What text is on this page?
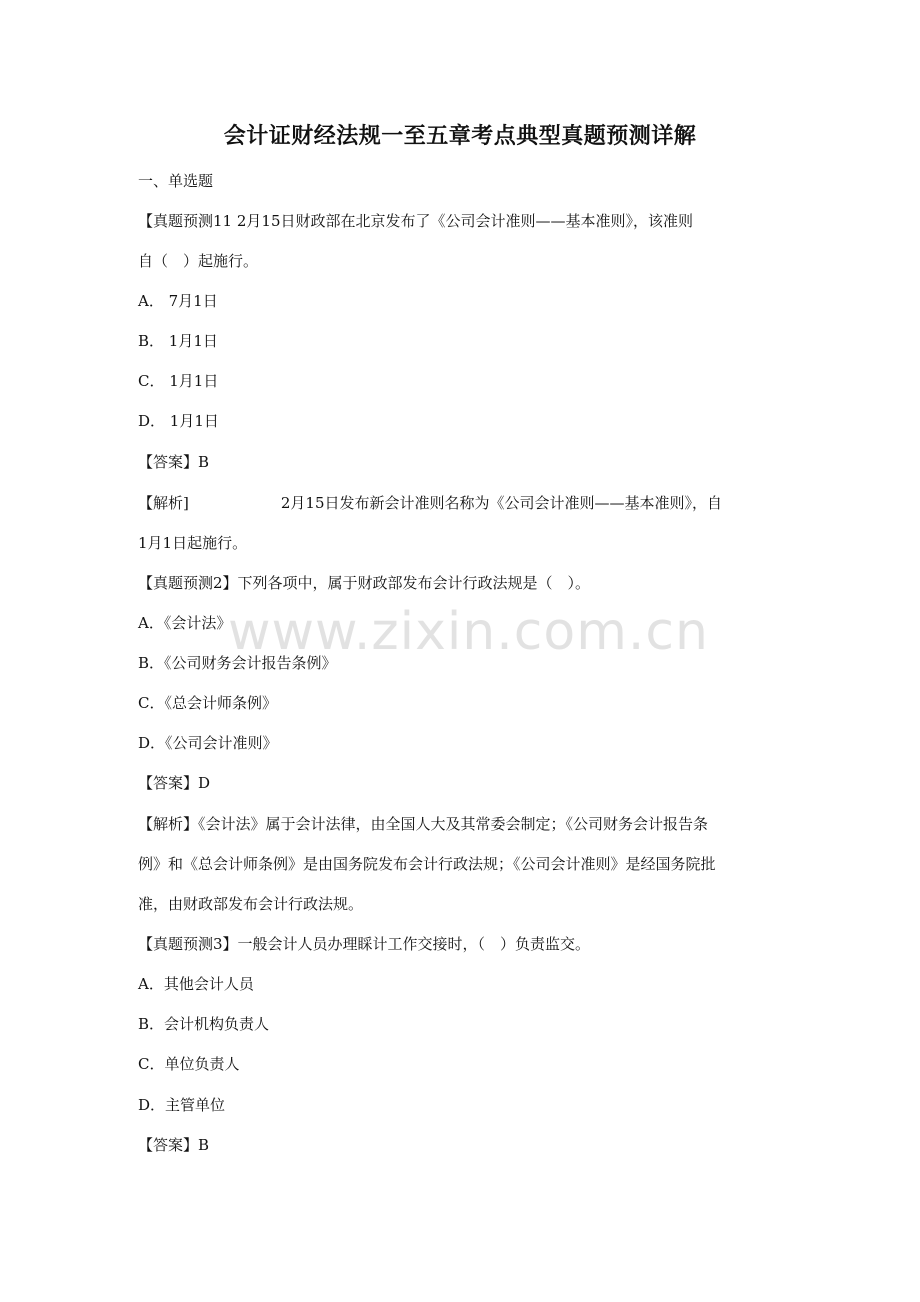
会计证财经法规一至五章考点典型真题预测详解
www.zixin.com.cn
一、单选题
【真题预测11 2月15日财政部在北京发布了《公司会计准则——基本准则》，该准则
自（　）起施行。
A． 7月1日
B． 1月1日
C． 1月1日
D． 1月1日
【答案】B
【解析]	2月15日发布新会计准则名称为《公司会计准则——基本准则》，自
1月1日起施行。
【真题预测2】下列各项中，属于财政部发布会计行政法规是（　）。
A．《会计法》
B．《公司财务会计报告条例》
C．《总会计师条例》
D．《公司会计准则》
【答案】D
【解析】《会计法》属于会计法律，由全国人大及其常委会制定；《公司财务会计报告条
例》和《总会计师条例》是由国务院发布会计行政法规；《公司会计准则》是经国务院批
准，由财政部发布会计行政法规。
【真题预测3】一般会计人员办理睬计工作交接时，（　）负责监交。
A．其他会计人员
B．会计机构负责人
C．单位负责人
D．主管单位
【答案】B
